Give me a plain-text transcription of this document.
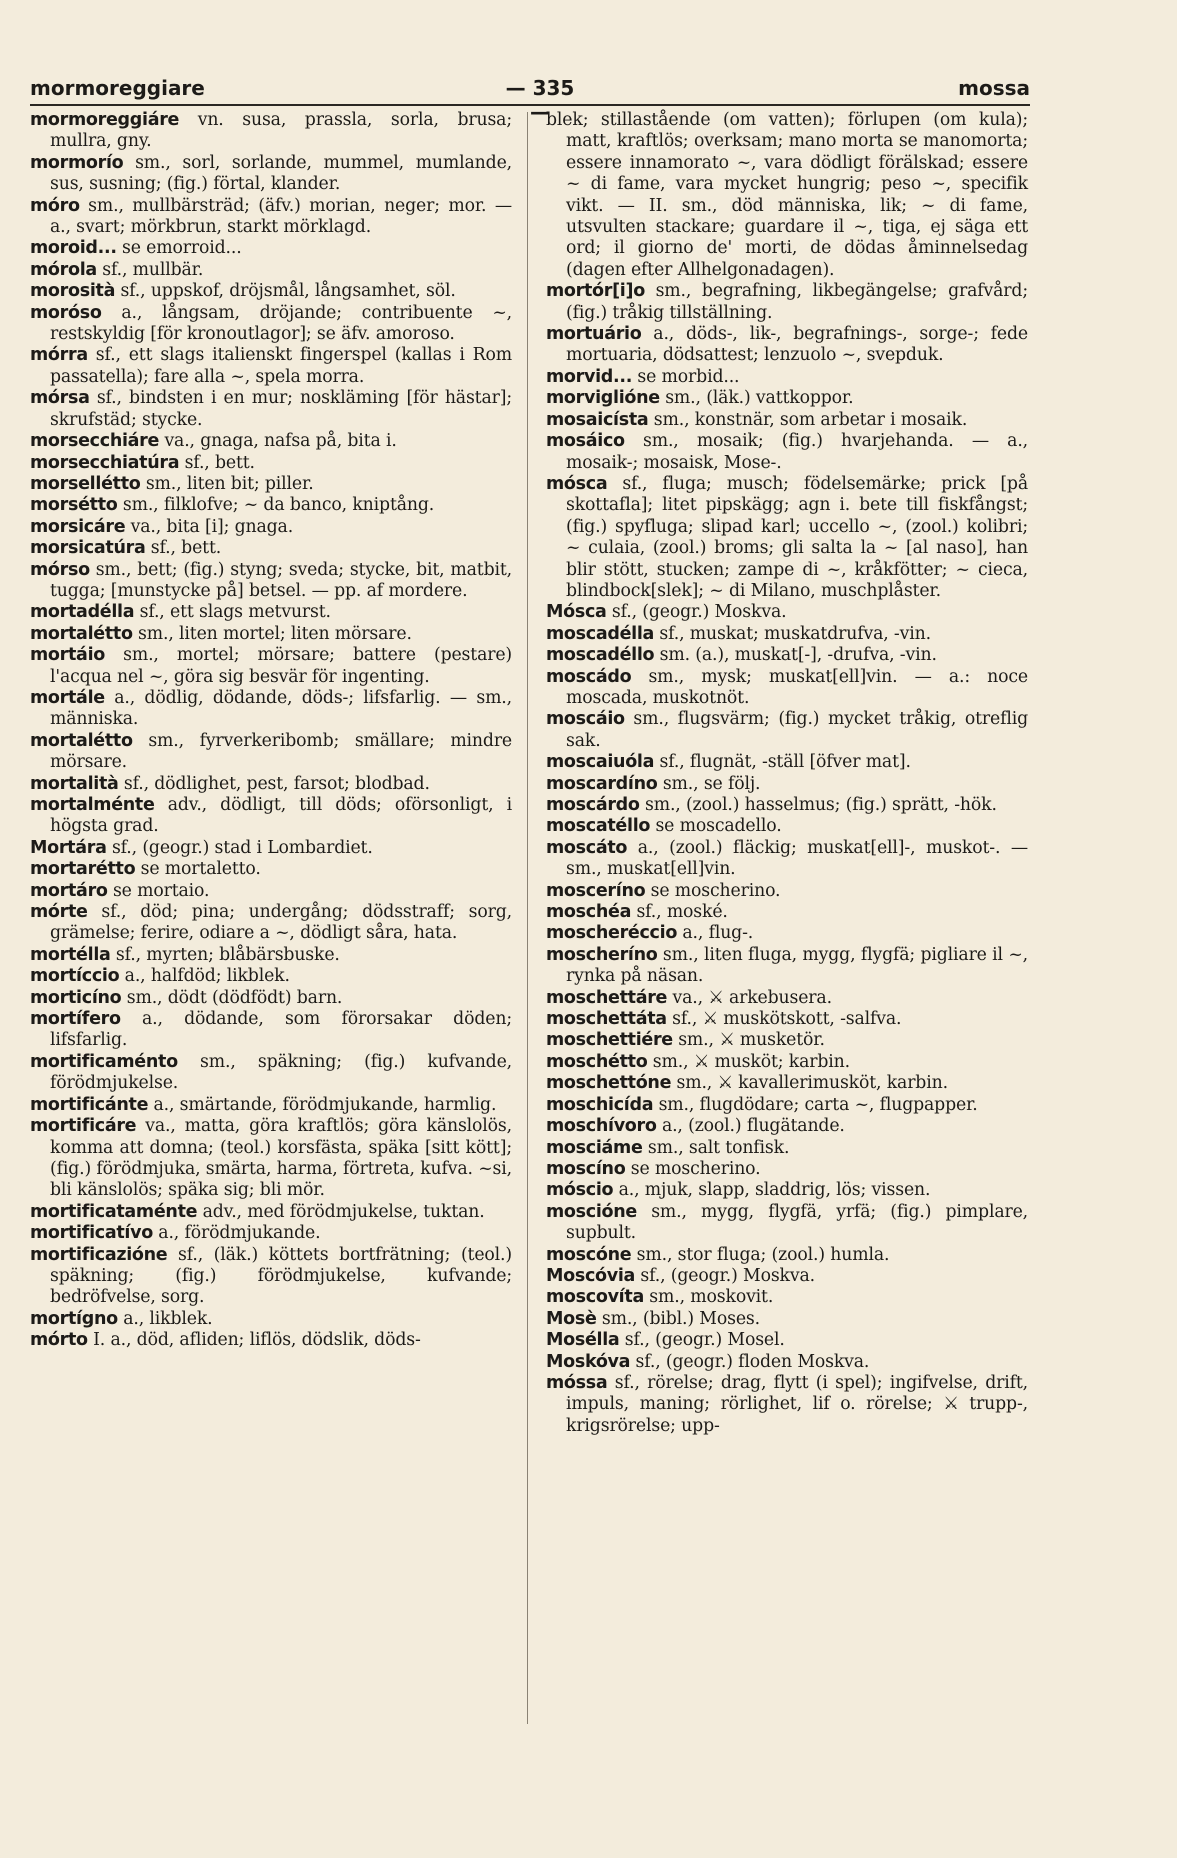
mormoreggiare	— 335 —
mossa

mormoreggiáre vn. susa, prassla, sorla, brusa; mullra, gny.

mormorío sm., sorl, sorlande, mummel, mumlande, sus, susning; (fig.) förtal, klander.

móro sm., mullbärsträd; (äfv.) morian, neger; mor. — a., svart; mörkbrun, starkt mörklagd.

moroid... se emorroid...

mórola sf., mullbär.

morosità sf., uppskof, dröjsmål, långsamhet, söl.

moróso a., långsam, dröjande; contribuente ~, restskyldig [för kronoutlagor]; se äfv. amoroso.

mórra sf., ett slags italienskt fingerspel (kallas i Rom passatella); fare alla ~, spela morra.

mórsa sf., bindsten i en mur; noskläming [för hästar]; skrufstäd; stycke.

morsecchiáre va., gnaga, nafsa på, bita i.

morsecchiatúra sf., bett.

morsellétto sm., liten bit; piller.

morsétto sm., filklofve; ~ da banco, kniptång.

morsicáre va., bita [i]; gnaga.

morsicatúra sf., bett.

mórso sm., bett; (fig.) styng; sveda; stycke, bit, matbit, tugga; [munstycke på] betsel. — pp. af mordere.

mortadélla sf., ett slags metvurst.

mortalétto sm., liten mortel; liten mörsare.

mortáio sm., mortel; mörsare; battere (pestare) l'acqua nel ~, göra sig besvär för ingenting.

mortále a., dödlig, dödande, döds-; lifsfarlig. — sm., människa.

mortalétto sm., fyrverkeribomb; smällare; mindre mörsare.

mortalità sf., dödlighet, pest, farsot; blodbad.

mortalménte adv., dödligt, till döds; oförsonligt, i högsta grad.

Mortára sf., (geogr.) stad i Lombardiet.

mortarétto se mortaletto.

mortáro se mortaio.

mórte sf., död; pina; undergång; dödsstraff; sorg, grämelse; ferire, odiare a ~, dödligt såra, hata.

mortélla sf., myrten; blåbärsbuske.

mortíccio a., halfdöd; likblek.

morticíno sm., dödt (dödfödt) barn.

mortífero a., dödande, som förorsakar döden; lifsfarlig.

mortificaménto sm., späkning; (fig.) kufvande, förödmjukelse.

mortificánte a., smärtande, förödmjukande, harmlig.

mortificáre va., matta, göra kraftlös; göra känslolös, komma att domna; (teol.) korsfästa, späka [sitt kött]; (fig.) förödmjuka, smärta, harma, förtreta, kufva. ~si, bli känslolös; späka sig; bli mör.

mortificataménte adv., med förödmjukelse, tuktan.

mortificatívo a., förödmjukande.

mortificazióne sf., (läk.) köttets bortfrätning; (teol.) späkning; (fig.) förödmjukelse, kufvande; bedröfvelse, sorg.

mortígno a., likblek.

mórto I. a., död, afliden; liflös, dödslik, döds-

blek; stillastående (om vatten); förlupen (om kula); matt, kraftlös; overksam; mano morta se manomorta; essere innamorato ~, vara dödligt förälskad; essere ~ di fame, vara mycket hungrig; peso ~, specifik vikt. — II. sm., död människa, lik; ~ di fame, utsvulten stackare; guardare il ~, tiga, ej säga ett ord; il giorno de' morti, de dödas åminnelsedag (dagen efter Allhelgonadagen).

mortór[i]o sm., begrafning, likbegängelse; grafvård; (fig.) tråkig tillställning.

mortuário a., döds-, lik-, begrafnings-, sorge-; fede mortuaria, dödsattest; lenzuolo ~, svepduk.

morvid... se morbid...

morviglióne sm., (läk.) vattkoppor.

mosaicísta sm., konstnär, som arbetar i mosaik.

mosáico sm., mosaik; (fig.) hvarjehanda. — a., mosaik-; mosaisk, Mose-.

mósca sf., fluga; musch; födelsemärke; prick [på skottafla]; litet pipskägg; agn i. bete till fiskfångst; (fig.) spyfluga; slipad karl; uccello ~, (zool.) kolibri; ~ culaia, (zool.) broms; gli salta la ~ [al naso], han blir stött, stucken; zampe di ~, kråkfötter; ~ cieca, blindbock[slek]; ~ di Milano, muschplåster.

Mósca sf., (geogr.) Moskva.

moscadélla sf., muskat; muskatdrufva, -vin.

moscadéllo sm. (a.), muskat[-], -drufva, -vin.

moscádo sm., mysk; muskat[ell]vin. — a.: noce moscada, muskotnöt.

moscáio sm., flugsvärm; (fig.) mycket tråkig, otreflig sak.

moscaiuóla sf., flugnät, -ställ [öfver mat].

moscardíno sm., se följ.

moscárdo sm., (zool.) hasselmus; (fig.) sprätt, -hök.

moscatéllo se moscadello.

moscáto a., (zool.) fläckig; muskat[ell]-, muskot-. — sm., muskat[ell]vin.

mosceríno se moscherino.

moschéa sf., moské.

moscheréccio a., flug-.

moscheríno sm., liten fluga, mygg, flygfä; pigliare il ~, rynka på näsan.

moschettáre va., ⚔ arkebusera.

moschettáta sf., ⚔ muskötskott, -salfva.

moschettiére sm., ⚔ musketör.

moschétto sm., ⚔ musköt; karbin.

moschettóne sm., ⚔ kavallerimusköt, karbin.

moschicída sm., flugdödare; carta ~, flugpapper.

moschívoro a., (zool.) flugätande.

mosciáme sm., salt tonfisk.

moscíno se moscherino.

móscio a., mjuk, slapp, sladdrig, lös; vissen.

moscióne sm., mygg, flygfä, yrfä; (fig.) pimplare, supbult.

moscóne sm., stor fluga; (zool.) humla.

Moscóvia sf., (geogr.) Moskva.

moscovíta sm., moskovit.

Mosè sm., (bibl.) Moses.

Mosélla sf., (geogr.) Mosel.

Moskóva sf., (geogr.) floden Moskva.

móssa sf., rörelse; drag, flytt (i spel); ingifvelse, drift, impuls, maning; rörlighet, lif o. rörelse; ⚔ trupp-, krigsrörelse; upp-
